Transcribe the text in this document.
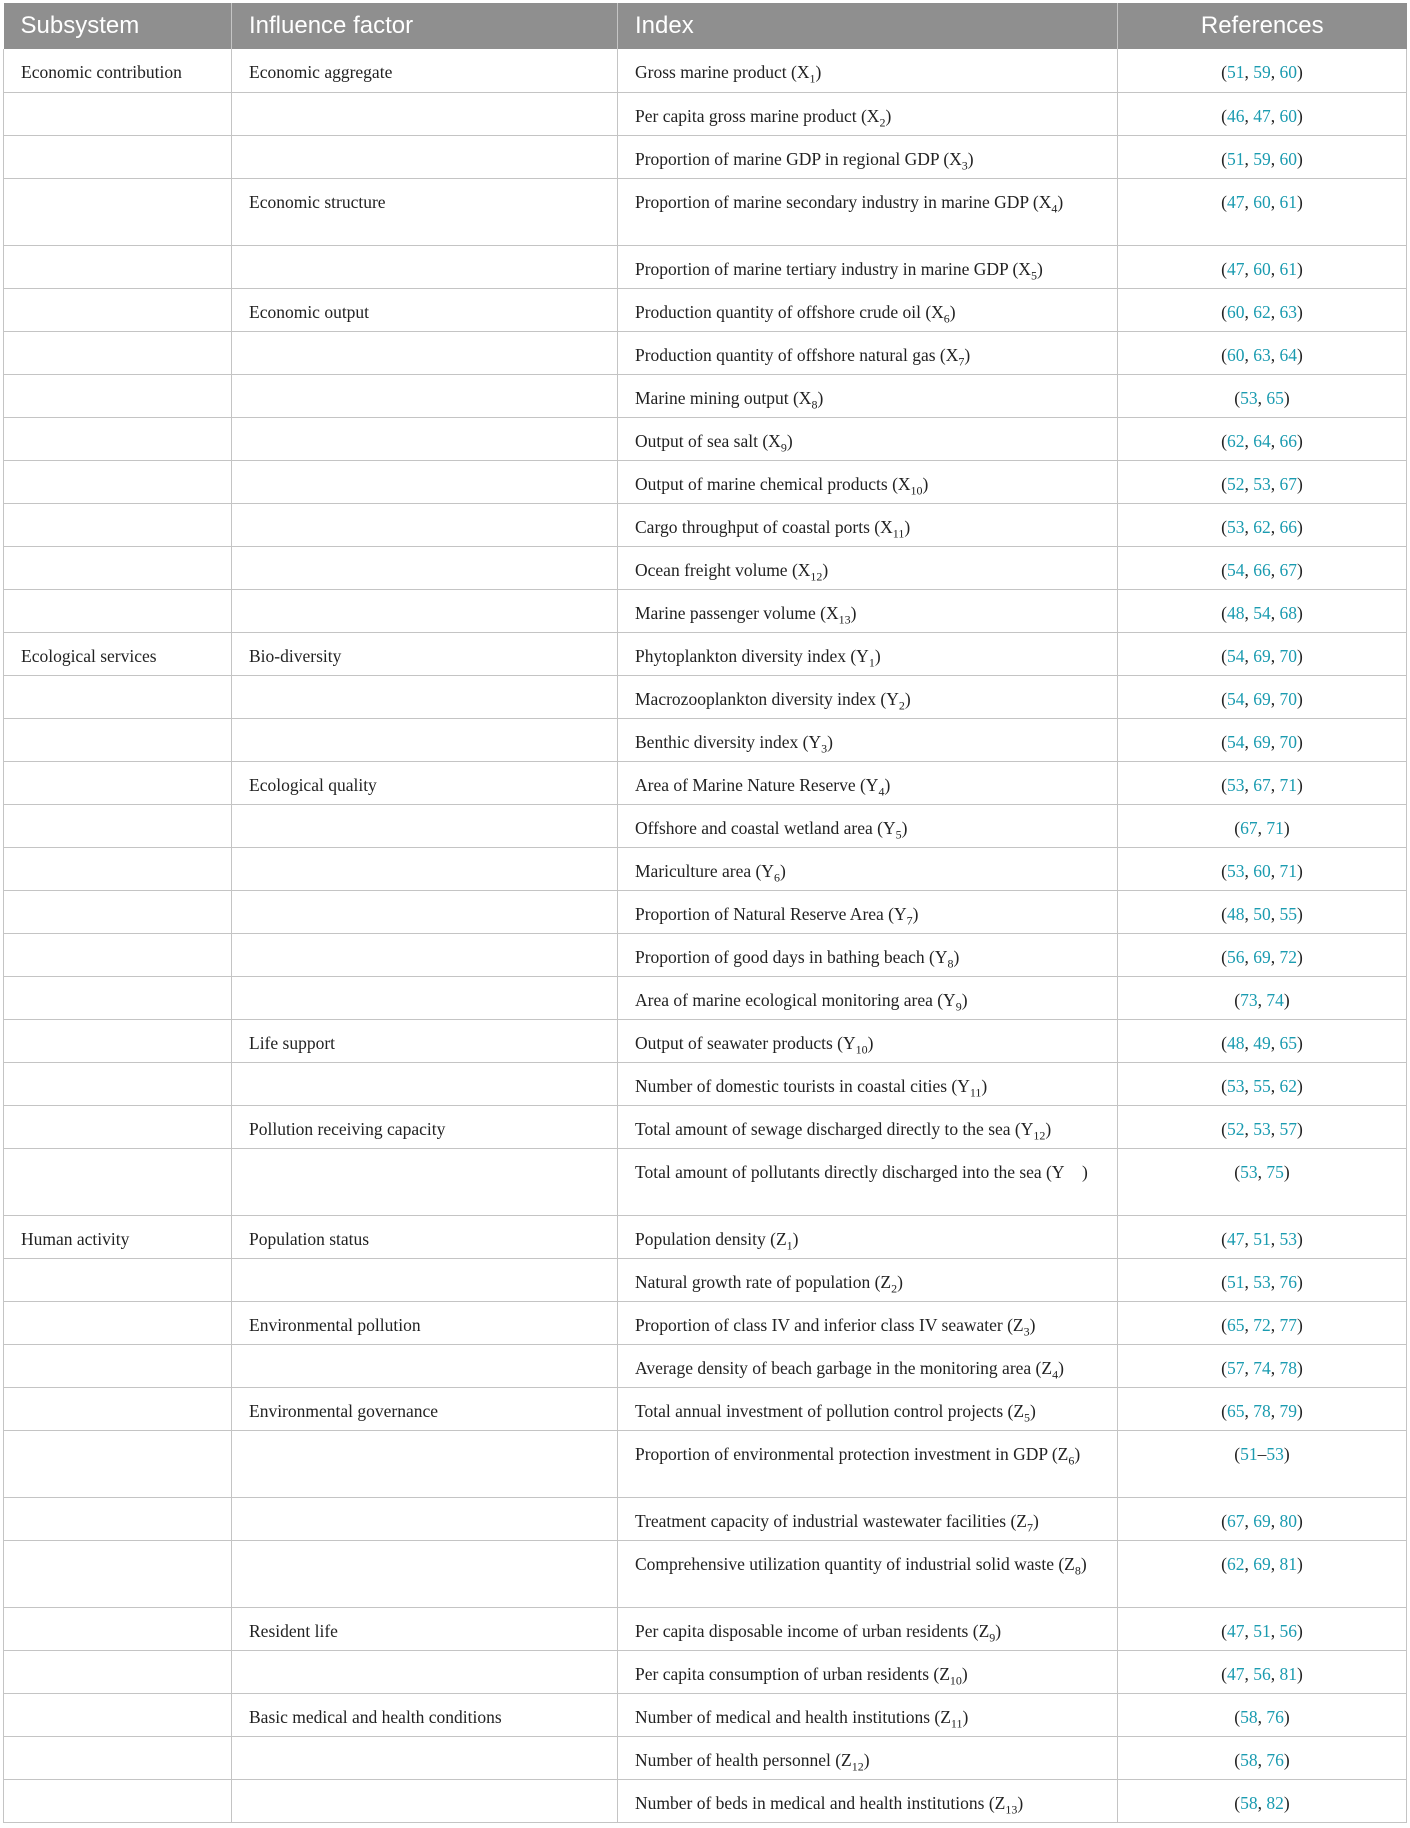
Subsystem	Influence factor	Index	References
Economic contribution	Economic aggregate	Gross marine product $(X_1)$	(51, 59, 60)
		Per capita gross marine product $(X_2)$	(46, 47, 60)
		Proportion of marine GDP in regional GDP $(X_3)$	(51, 59, 60)
	Economic structure	Proportion of marine secondary industry in marine GDP $(X_4)$	(47, 60, 61)
		Proportion of marine tertiary industry in marine GDP $(X_5)$	(47, 60, 61)
	Economic output	Production quantity of offshore crude oil $(X_6)$	(60, 62, 63)
		Production quantity of offshore natural gas $(X_7)$	(60, 63, 64)
		Marine mining output $(X_8)$	(53, 65)
		Output of sea salt $(X_9)$	(62, 64, 66)
		Output of marine chemical products $(X_{10})$	(52, 53, 67)
		Cargo throughput of coastal ports $(X_{11})$	(53, 62, 66)
		Ocean freight volume $(X_{12})$	(54, 66, 67)
		Marine passenger volume $(X_{13})$	(48, 54, 68)
Ecological services	Bio-diversity	Phytoplankton diversity index $(Y_1)$	(54, 69, 70)
		Macrozooplankton diversity index $(Y_2)$	(54, 69, 70)
		Benthic diversity index $(Y_3)$	(54, 69, 70)
	Ecological quality	Area of Marine Nature Reserve $(Y_4)$	(53, 67, 71)
		Offshore and coastal wetland area $(Y_5)$	(67, 71)
		Mariculture area $(Y_6)$	(53, 60, 71)
		Proportion of Natural Reserve Area $(Y_7)$	(48, 50, 55)
		Proportion of good days in bathing beach $(Y_8)$	(56, 69, 72)
		Area of marine ecological monitoring area $(Y_9)$	(73, 74)
	Life support	Output of seawater products $(Y_{10})$	(48, 49, 65)
		Number of domestic tourists in coastal cities $(Y_{11})$	(53, 55, 62)
	Pollution receiving capacity	Total amount of sewage discharged directly to the sea $(Y_{12})$	(52, 53, 57)
		Total amount of pollutants directly discharged into the sea (Y    )	(53, 75)
Human activity	Population status	Population density $(Z_1)$	(47, 51, 53)
		Natural growth rate of population $(Z_2)$	(51, 53, 76)
	Environmental pollution	Proportion of class IV and inferior class IV seawater $(Z_3)$	(65, 72, 77)
		Average density of beach garbage in the monitoring area $(Z_4)$	(57, 74, 78)
	Environmental governance	Total annual investment of pollution control projects $(Z_5)$	(65, 78, 79)
		Proportion of environmental protection investment in GDP $(Z_6)$	(51–53)
		Treatment capacity of industrial wastewater facilities $(Z_7)$	(67, 69, 80)
		Comprehensive utilization quantity of industrial solid waste $(Z_8)$	(62, 69, 81)
	Resident life	Per capita disposable income of urban residents $(Z_9)$	(47, 51, 56)
		Per capita consumption of urban residents $(Z_{10})$	(47, 56, 81)
	Basic medical and health conditions	Number of medical and health institutions $(Z_{11})$	(58, 76)
		Number of health personnel $(Z_{12})$	(58, 76)
		Number of beds in medical and health institutions $(Z_{13})$	(58, 82)
